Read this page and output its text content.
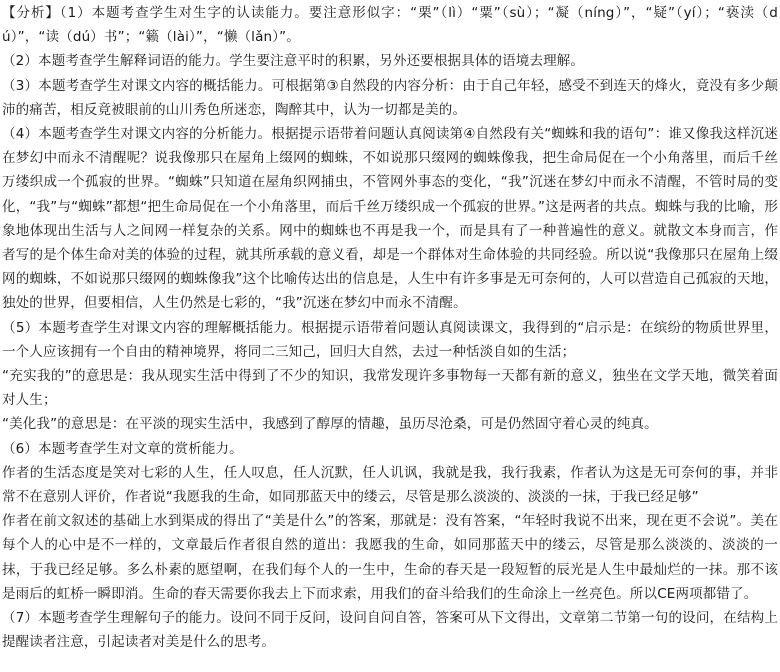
【分析】（1）本题考查学生对生字的认读能力。要注意形似字：“栗”（lì）“粟”（sù）；“凝（níng）”，“疑”（yí）；“亵渎（dú）”，“读（dú）书”；“籁（lài）”，“懒（lǎn）”。

（2）本题考查学生解释词语的能力。学生要注意平时的积累，另外还要根据具体的语境去理解。

（3）本题考查学生对课文内容的概括能力。可根据第③自然段的内容分析：由于自己年轻，感受不到连天的烽火，竟没有多少颠沛的痛苦，相反竟被眼前的山川秀色所迷恋，陶醉其中，认为一切都是美的。

（4）本题考查学生对课文内容的分析能力。根据提示语带着问题认真阅读第④自然段有关“蜘蛛和我的语句”：谁又像我这样沉迷在梦幻中而永不清醒呢？说我像那只在屋角上缀网的蜘蛛，不如说那只缀网的蜘蛛像我，把生命局促在一个小角落里，而后千丝万缕织成一个孤寂的世界。“蜘蛛”只知道在屋角织网捕虫，不管网外事态的变化，“我”沉迷在梦幻中而永不清醒，不管时局的变化，“我”与“蜘蛛”都想“把生命局促在一个小角落里，而后千丝万缕织成一个孤寂的世界。”这是两者的共点。蜘蛛与我的比喻，形象地体现出生活与人之间网一样复杂的关系。网中的蜘蛛也不再是我一个，而是具有了一种普遍性的意义。就散文本身而言，作者写的是个体生命对美的体验的过程，就其所承载的意义看，却是一个群体对生命体验的共同经验。所以说“我像那只在屋角上缀网的蜘蛛，不如说那只缀网的蜘蛛像我”这个比喻传达出的信息是，人生中有许多事是无可奈何的，人可以营造自己孤寂的天地，独处的世界，但要相信，人生仍然是七彩的，“我”沉迷在梦幻中而永不清醒。

（5）本题考查学生对课文内容的理解概括能力。根据提示语带着问题认真阅读课文，我得到的“启示是：在缤纷的物质世界里，一个人应该拥有一个自由的精神境界，将同二三知己，回归大自然，去过一种恬淡自如的生活；

“充实我的”的意思是：我从现实生活中得到了不少的知识，我常发现许多事物每一天都有新的意义，独坐在文学天地，微笑着面对人生；

“美化我”的意思是：在平淡的现实生活中，我感到了醇厚的情趣，虽历尽沧桑，可是仍然固守着心灵的纯真。

（6）本题考查学生对文章的赏析能力。

作者的生活态度是笑对七彩的人生，任人叹息，任人沉默，任人讥讽，我就是我，我行我素，作者认为这是无可奈何的事，并非常不在意别人评价，作者说“我愿我的生命，如同那蓝天中的缕云，尽管是那么淡淡的、淡淡的一抹，于我已经足够”

作者在前文叙述的基础上水到渠成的得出了“美是什么”的答案，那就是：没有答案，“年轻时我说不出来，现在更不会说”。美在每个人的心中是不一样的，文章最后作者很自然的道出：我愿我的生命，如同那蓝天中的缕云，尽管是那么淡淡的、淡淡的一抹，于我已经足够。多么朴素的愿望啊，在我们每个人的一生中，生命的春天是一段短暂的辰光是人生中最灿烂的一抹。那不该是雨后的虹桥一瞬即消。生命的春天需要你我去上下而求索，用我们的奋斗给我们的生命涂上一丝亮色。所以CE两项都错了。

（7）本题考查学生理解句子的能力。设问不同于反问，设问自问自答，答案可从下文得出，文章第二节第一句的设问，在结构上提醒读者注意，引起读者对美是什么的思考。
